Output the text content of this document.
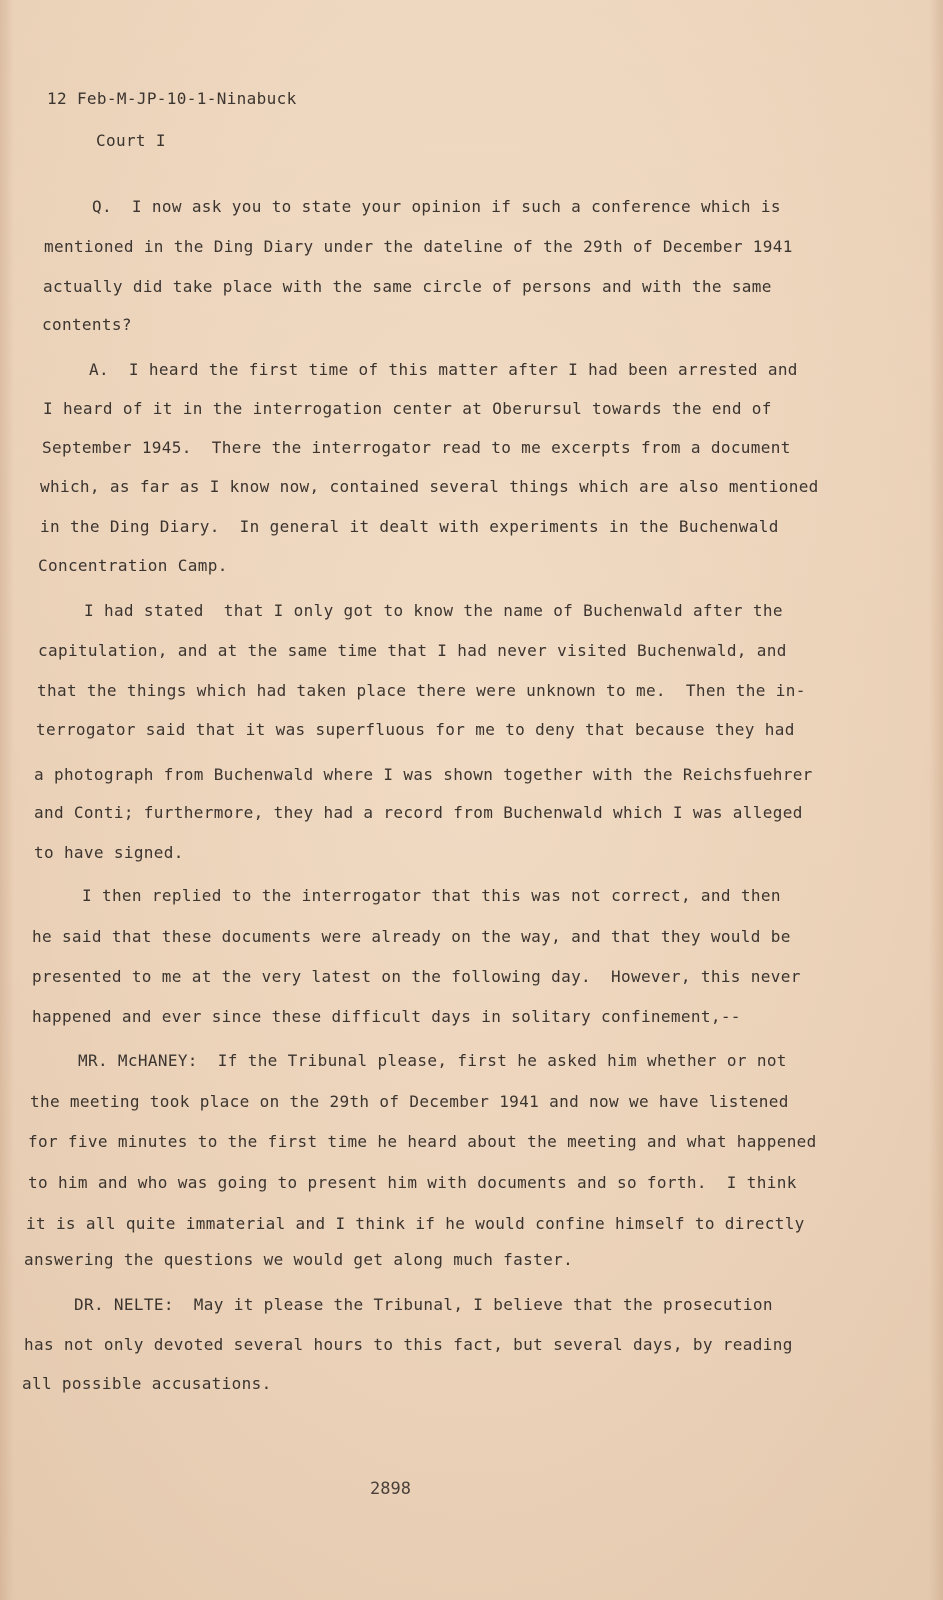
12 Feb-M-JP-10-1-Ninabuck
Court I
Q.  I now ask you to state your opinion if such a conference which is
mentioned in the Ding Diary under the dateline of the 29th of December 1941
actually did take place with the same circle of persons and with the same
contents?
A.  I heard the first time of this matter after I had been arrested and
I heard of it in the interrogation center at Oberursul towards the end of
September 1945.  There the interrogator read to me excerpts from a document
which, as far as I know now, contained several things which are also mentioned
in the Ding Diary.  In general it dealt with experiments in the Buchenwald
Concentration Camp.
I had stated  that I only got to know the name of Buchenwald after the
capitulation, and at the same time that I had never visited Buchenwald, and
that the things which had taken place there were unknown to me.  Then the in-
terrogator said that it was superfluous for me to deny that because they had
a photograph from Buchenwald where I was shown together with the Reichsfuehrer
and Conti; furthermore, they had a record from Buchenwald which I was alleged
to have signed.
I then replied to the interrogator that this was not correct, and then
he said that these documents were already on the way, and that they would be
presented to me at the very latest on the following day.  However, this never
happened and ever since these difficult days in solitary confinement,--
MR. McHANEY:  If the Tribunal please, first he asked him whether or not
the meeting took place on the 29th of December 1941 and now we have listened
for five minutes to the first time he heard about the meeting and what happened
to him and who was going to present him with documents and so forth.  I think
it is all quite immaterial and I think if he would confine himself to directly
answering the questions we would get along much faster.
DR. NELTE:  May it please the Tribunal, I believe that the prosecution
has not only devoted several hours to this fact, but several days, by reading
all possible accusations.
2898
